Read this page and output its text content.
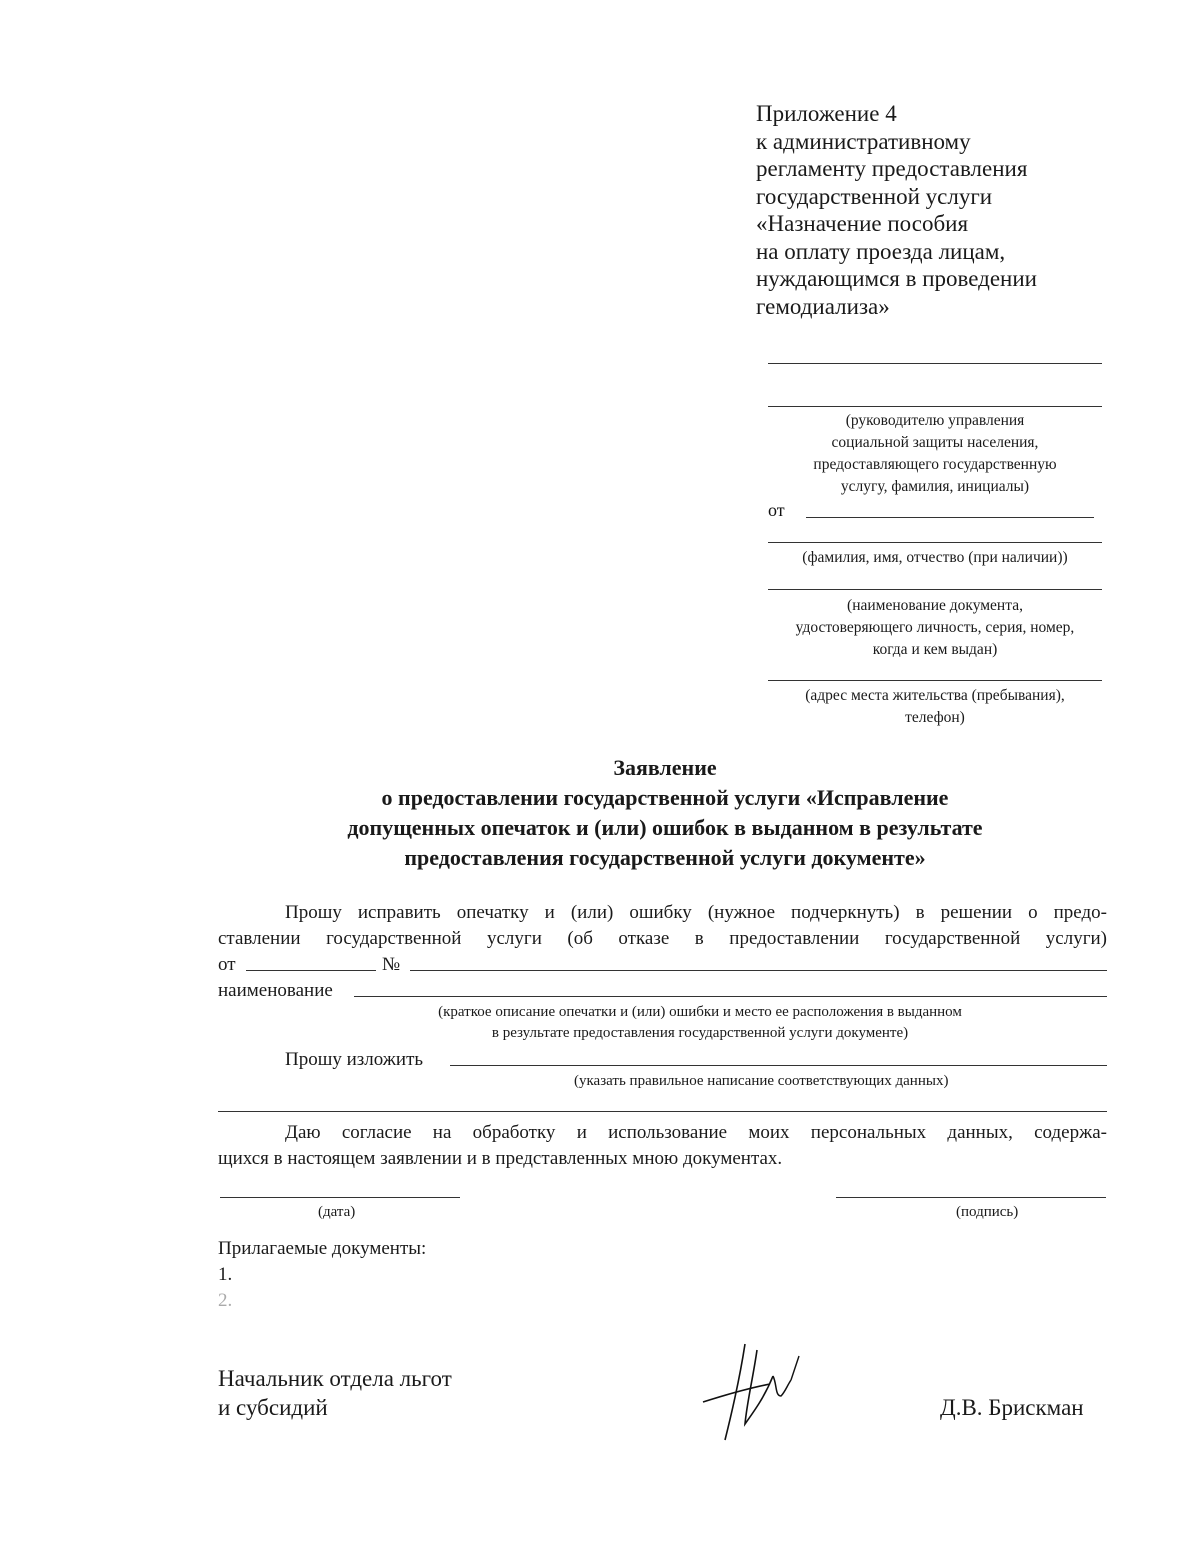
Приложение 4
к административному
регламенту предоставления
государственной услуги
«Назначение пособия
на оплату проезда лицам,
нуждающимся в проведении
гемодиализа»
(руководителю управления
социальной защиты населения,
предоставляющего государственную
услугу, фамилия, инициалы)
от
(фамилия, имя, отчество (при наличии))
(наименование документа,
удостоверяющего личность, серия, номер,
когда и кем выдан)
(адрес места жительства (пребывания),
телефон)
Заявление
о предоставлении государственной услуги «Исправление
допущенных опечаток и (или) ошибок в выданном в результате
предоставления государственной услуги документе»
Прошу исправить опечатку и (или) ошибку (нужное подчеркнуть) в решении о предо-
ставлении государственной услуги (об отказе в предоставлении государственной услуги)
от	№
наименование
(краткое описание опечатки и (или) ошибки и место ее расположения в выданном
в результате предоставления государственной услуги документе)
Прошу изложить
(указать правильное написание соответствующих данных)
Даю согласие на обработку и использование моих персональных данных, содержа-
щихся в настоящем заявлении и в представленных мною документах.
(дата)	(подпись)
Прилагаемые документы:
1.
2.
Начальник отдела льгот
и субсидий	Д.В. Брискман
